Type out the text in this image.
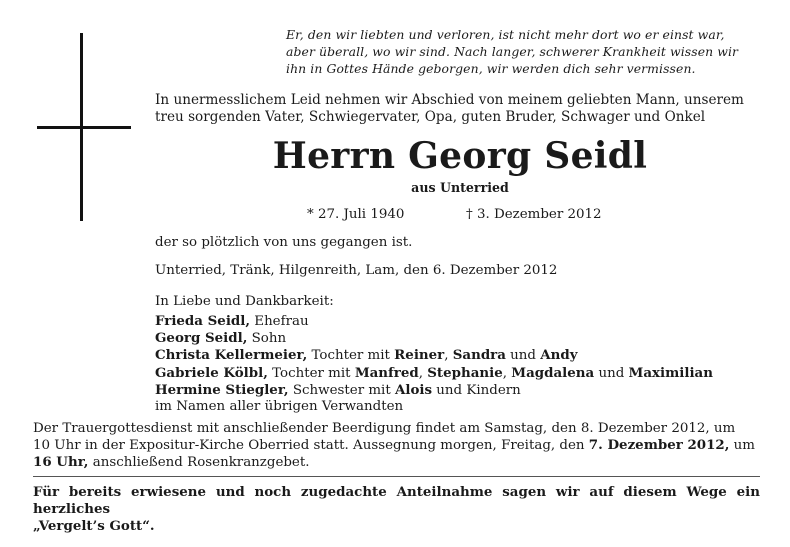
Er, den wir liebten und verloren, ist nicht mehr dort wo er einst war,
aber überall, wo wir sind. Nach langer, schwerer Krankheit wissen wir
ihn in Gottes Hände geborgen, wir werden dich sehr vermissen.
In unermesslichem Leid nehmen wir Abschied von meinem geliebten Mann, unserem
treu sorgenden Vater, Schwiegervater, Opa, guten Bruder, Schwager und Onkel
Herrn Georg Seidl
aus Unterried
* 27. Juli 1940	† 3. Dezember 2012
der so plötzlich von uns gegangen ist.
Unterried, Tränk, Hilgenreith, Lam, den 6. Dezember 2012
In Liebe und Dankbarkeit:
Frieda Seidl, Ehefrau
Georg Seidl, Sohn
Christa Kellermeier, Tochter mit Reiner, Sandra und Andy
Gabriele Kölbl, Tochter mit Manfred, Stephanie, Magdalena und Maximilian
Hermine Stiegler, Schwester mit Alois und Kindern
im Namen aller übrigen Verwandten
Der Trauergottesdienst mit anschließender Beerdigung findet am Samstag, den 8. Dezember 2012, um
10 Uhr in der Expositur-Kirche Oberried statt. Aussegnung morgen, Freitag, den 7. Dezember 2012, um
16 Uhr, anschließend Rosenkranzgebet.
Für bereits erwiesene und noch zugedachte Anteilnahme sagen wir auf diesem Wege ein herzliches
„Vergelt’s Gott“.
